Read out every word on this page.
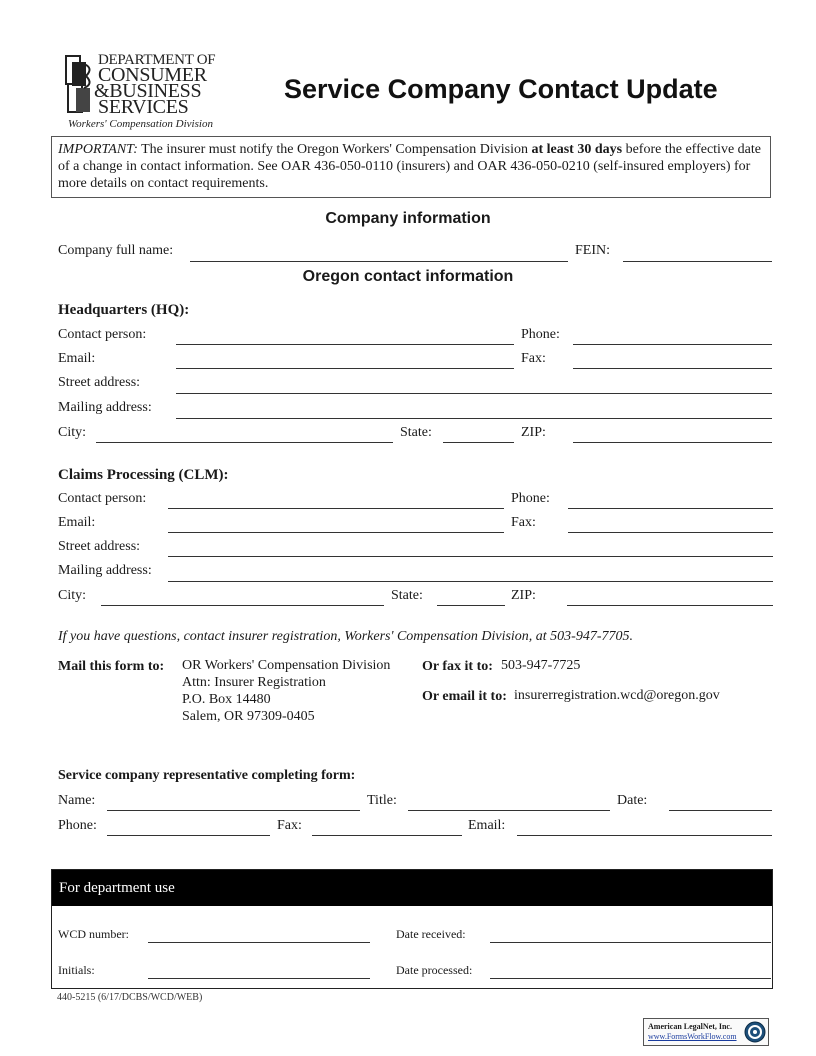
DEPARTMENT OF
CONSUMER
&BUSINESS
SERVICES
Workers' Compensation Division
Service Company Contact Update
IMPORTANT: The insurer must notify the Oregon Workers' Compensation Division at least 30 days before the effective date of a change in contact information. See OAR 436-050-0110 (insurers) and OAR 436-050-0210 (self-insured employers) for more details on contact requirements.
Company information
Company full name:	FEIN:
Oregon contact information
Headquarters (HQ):
Contact person:	Phone:
Email:	Fax:
Street address:
Mailing address:
City:	State:	ZIP:
Claims Processing (CLM):
Contact person:	Phone:
Email:	Fax:
Street address:
Mailing address:
City:	State:	ZIP:
If you have questions, contact insurer registration, Workers' Compensation Division, at 503-947-7705.
Mail this form to: OR Workers' Compensation Division
Attn: Insurer Registration
P.O. Box 14480
Salem, OR 97309-0405
Or fax it to: 503-947-7725
Or email it to: insurerregistration.wcd@oregon.gov
Service company representative completing form:
Name:	Title:	Date:
Phone:	Fax:	Email:
For department use
WCD number:	Date received:
Initials:	Date processed:
440-5215 (6/17/DCBS/WCD/WEB)
American LegalNet, Inc.
www.FormsWorkFlow.com
